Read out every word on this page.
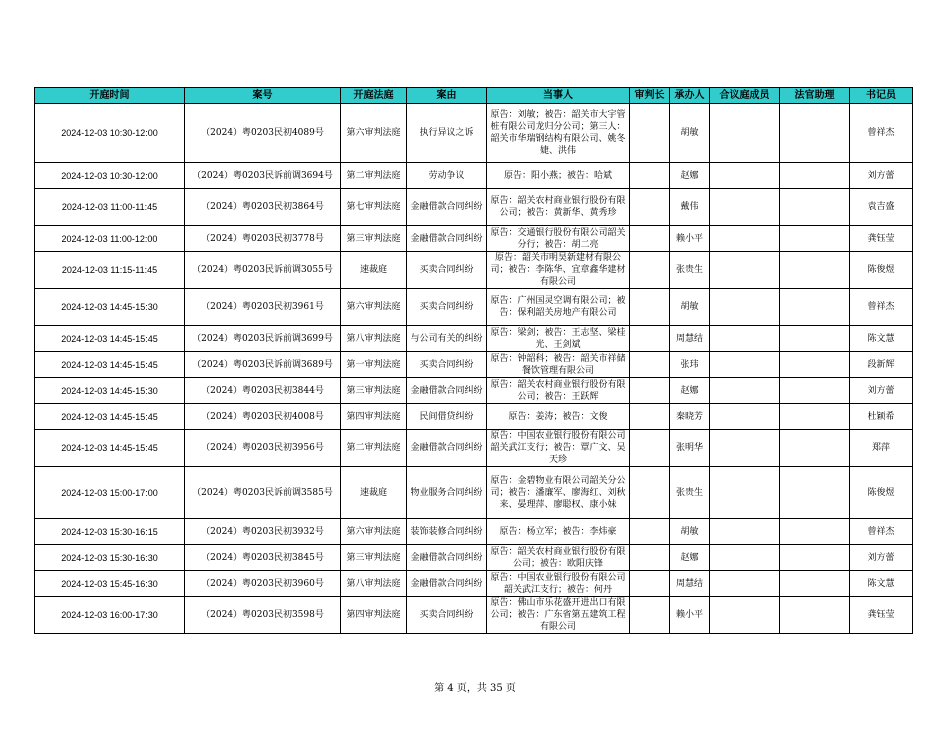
开庭时间	案号	开庭法庭	案由	当事人	审判长	承办人	合议庭成员	法官助理	书记员

2024-12-03 10:30-12:00	（2024）粤0203民初4089号	第六审判法庭	执行异议之诉	原告：刘敏；被告：韶关市大宇管桩有限公司龙归分公司；第三人：韶关市华瑞钢结构有限公司、姚冬婕、洪伟		胡敏			曾祥杰

2024-12-03 10:30-12:00	（2024）粤0203民诉前调3694号	第二审判法庭	劳动争议	原告：阳小燕；被告：哈斌		赵娜			刘方蕾

2024-12-03 11:00-11:45	（2024）粤0203民初3864号	第七审判法庭	金融借款合同纠纷	原告：韶关农村商业银行股份有限公司；被告：黄新华、黄秀珍		戴伟			袁吉盛

2024-12-03 11:00-12:00	（2024）粤0203民初3778号	第三审判法庭	金融借款合同纠纷	原告：交通银行股份有限公司韶关分行；被告：胡二亮		赖小平			龚钰莹

2024-12-03 11:15-11:45	（2024）粤0203民诉前调3055号	速裁庭	买卖合同纠纷	原告：韶关市明昊新建材有限公司；被告：李陈华、宜章鑫华建材有限公司		张贵生			陈俊煜

2024-12-03 14:45-15:30	（2024）粤0203民初3961号	第六审判法庭	买卖合同纠纷	原告：广州国灵空调有限公司；被告：保利韶关房地产有限公司		胡敏			曾祥杰

2024-12-03 14:45-15:45	（2024）粤0203民诉前调3699号	第八审判法庭	与公司有关的纠纷	原告：梁剑；被告：王志坚、梁桂光、王剑斌		周慧结			陈文慧

2024-12-03 14:45-15:45	（2024）粤0203民诉前调3689号	第一审判法庭	买卖合同纠纷	原告：钟韶科；被告：韶关市祥储餐饮管理有限公司		张玮			段新辉

2024-12-03 14:45-15:30	（2024）粤0203民初3844号	第三审判法庭	金融借款合同纠纷	原告：韶关农村商业银行股份有限公司；被告：王跃辉		赵娜			刘方蕾

2024-12-03 14:45-15:45	（2024）粤0203民初4008号	第四审判法庭	民间借贷纠纷	原告：姜涛；被告：文俊		秦晓芳			杜颖希

2024-12-03 14:45-15:45	（2024）粤0203民初3956号	第二审判法庭	金融借款合同纠纷	原告：中国农业银行股份有限公司韶关武江支行；被告：覃广文、吴天珍		张明华			郑萍

2024-12-03 15:00-17:00	（2024）粤0203民诉前调3585号	速裁庭	物业服务合同纠纷	原告：金碧物业有限公司韶关分公司；被告：潘廉军、廖海红、刘秋来、晏理萍、廖聪权、康小妹		张贵生			陈俊煜

2024-12-03 15:30-16:15	（2024）粤0203民初3932号	第六审判法庭	装饰装修合同纠纷	原告：杨立军；被告：李炜豪		胡敏			曾祥杰

2024-12-03 15:30-16:30	（2024）粤0203民初3845号	第三审判法庭	金融借款合同纠纷	原告：韶关农村商业银行股份有限公司；被告：欧阳庆锋		赵娜			刘方蕾

2024-12-03 15:45-16:30	（2024）粤0203民初3960号	第八审判法庭	金融借款合同纠纷	原告：中国农业银行股份有限公司韶关武江支行；被告：何丹		周慧结			陈文慧

2024-12-03 16:00-17:30	（2024）粤0203民初3598号	第四审判法庭	买卖合同纠纷	原告：佛山市乐花盛开进出口有限公司；被告：广东省第五建筑工程有限公司		赖小平			龚钰莹
第 4 页，共 35 页
